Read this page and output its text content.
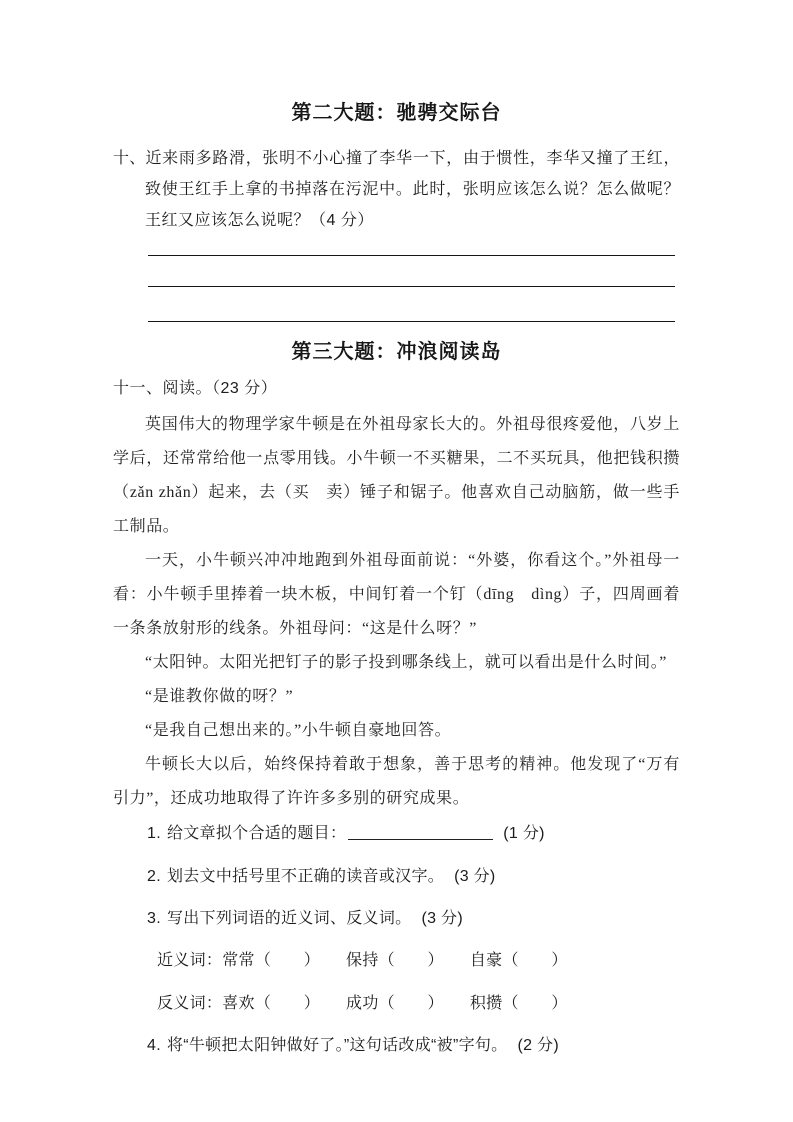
第二大题：驰骋交际台

十、近来雨多路滑，张明不小心撞了李华一下，由于惯性，李华又撞了王红，致使王红手上拿的书掉落在污泥中。此时，张明应该怎么说？怎么做呢？王红又应该怎么说呢？（4 分）

第三大题：冲浪阅读岛
十一、阅读。（23 分）

英国伟大的物理学家牛顿是在外祖母家长大的。外祖母很疼爱他，八岁上学后，还常常给他一点零用钱。小牛顿一不买糖果，二不买玩具，他把钱积攒（zǎn zhǎn）起来，去（买　卖）锤子和锯子。他喜欢自己动脑筋，做一些手工制品。

一天，小牛顿兴冲冲地跑到外祖母面前说：“外婆，你看这个。”外祖母一看：小牛顿手里捧着一块木板，中间钉着一个钉（dīng　dìng）子，四周画着一条条放射形的线条。外祖母问：“这是什么呀？”

“太阳钟。太阳光把钉子的影子投到哪条线上，就可以看出是什么时间。”

“是谁教你做的呀？”

“是我自己想出来的。”小牛顿自豪地回答。

牛顿长大以后，始终保持着敢于想象，善于思考的精神。他发现了“万有引力”，还成功地取得了许许多多别的研究成果。

1. 给文章拟个合适的题目：	(1 分)
2. 划去文中括号里不正确的读音或汉字。 (3 分)
3. 写出下列词语的近义词、反义词。 (3 分)
近义词：常常（　　） 保持（　　） 自豪（　　）
反义词：喜欢（　　） 成功（　　） 积攒（　　）
4. 将“牛顿把太阳钟做好了。”这句话改成“被”字句。 (2 分)
